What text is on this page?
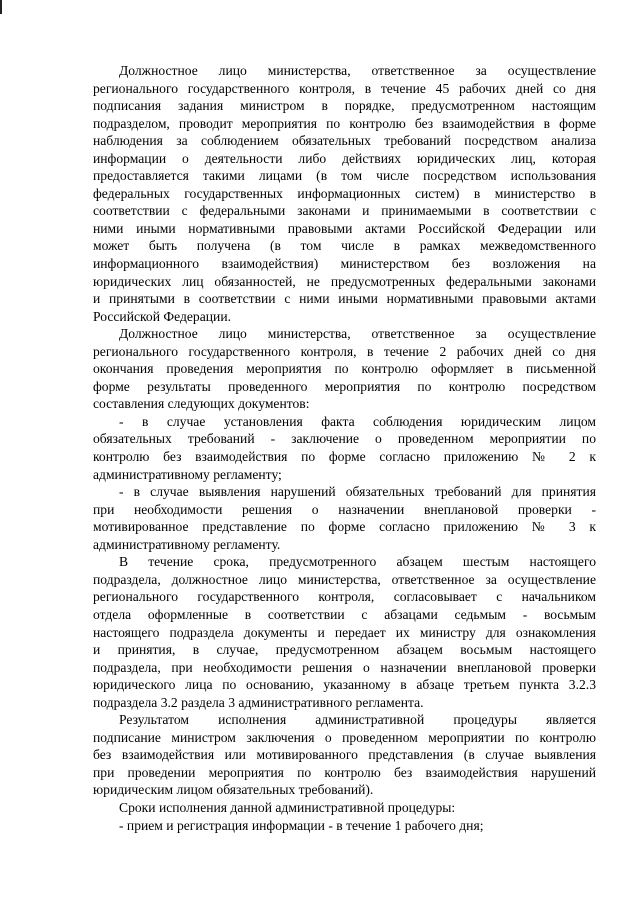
Должностное лицо министерства, ответственное за осуществление
регионального государственного контроля, в течение 45 рабочих дней со дня
подписания задания министром в порядке, предусмотренном настоящим
подразделом, проводит мероприятия по контролю без взаимодействия в форме
наблюдения за соблюдением обязательных требований посредством анализа
информации о деятельности либо действиях юридических лиц, которая
предоставляется такими лицами (в том числе посредством использования
федеральных государственных информационных систем) в министерство в
соответствии с федеральными законами и принимаемыми в соответствии с
ними иными нормативными правовыми актами Российской Федерации или
может быть получена (в том числе в рамках межведомственного
информационного взаимодействия) министерством без возложения на
юридических лиц обязанностей, не предусмотренных федеральными законами
и принятыми в соответствии с ними иными нормативными правовыми актами
Российской Федерации.
Должностное лицо министерства, ответственное за осуществление
регионального государственного контроля, в течение 2 рабочих дней со дня
окончания проведения мероприятия по контролю оформляет в письменной
форме результаты проведенного мероприятия по контролю посредством
составления следующих документов:
- в случае установления факта соблюдения юридическим лицом
обязательных требований - заключение о проведенном мероприятии по
контролю без взаимодействия по форме согласно приложению № 2 к
административному регламенту;
- в случае выявления нарушений обязательных требований для принятия
при необходимости решения о назначении внеплановой проверки -
мотивированное представление по форме согласно приложению № 3 к
административному регламенту.
В течение срока, предусмотренного абзацем шестым настоящего
подраздела, должностное лицо министерства, ответственное за осуществление
регионального государственного контроля, согласовывает с начальником
отдела оформленные в соответствии с абзацами седьмым - восьмым
настоящего подраздела документы и передает их министру для ознакомления
и принятия, в случае, предусмотренном абзацем восьмым настоящего
подраздела, при необходимости решения о назначении внеплановой проверки
юридического лица по основанию, указанному в абзаце третьем пункта 3.2.3
подраздела 3.2 раздела 3 административного регламента.
Результатом исполнения административной процедуры является
подписание министром заключения о проведенном мероприятии по контролю
без взаимодействия или мотивированного представления (в случае выявления
при проведении мероприятия по контролю без взаимодействия нарушений
юридическим лицом обязательных требований).
Сроки исполнения данной административной процедуры:
- прием и регистрация информации - в течение 1 рабочего дня;
